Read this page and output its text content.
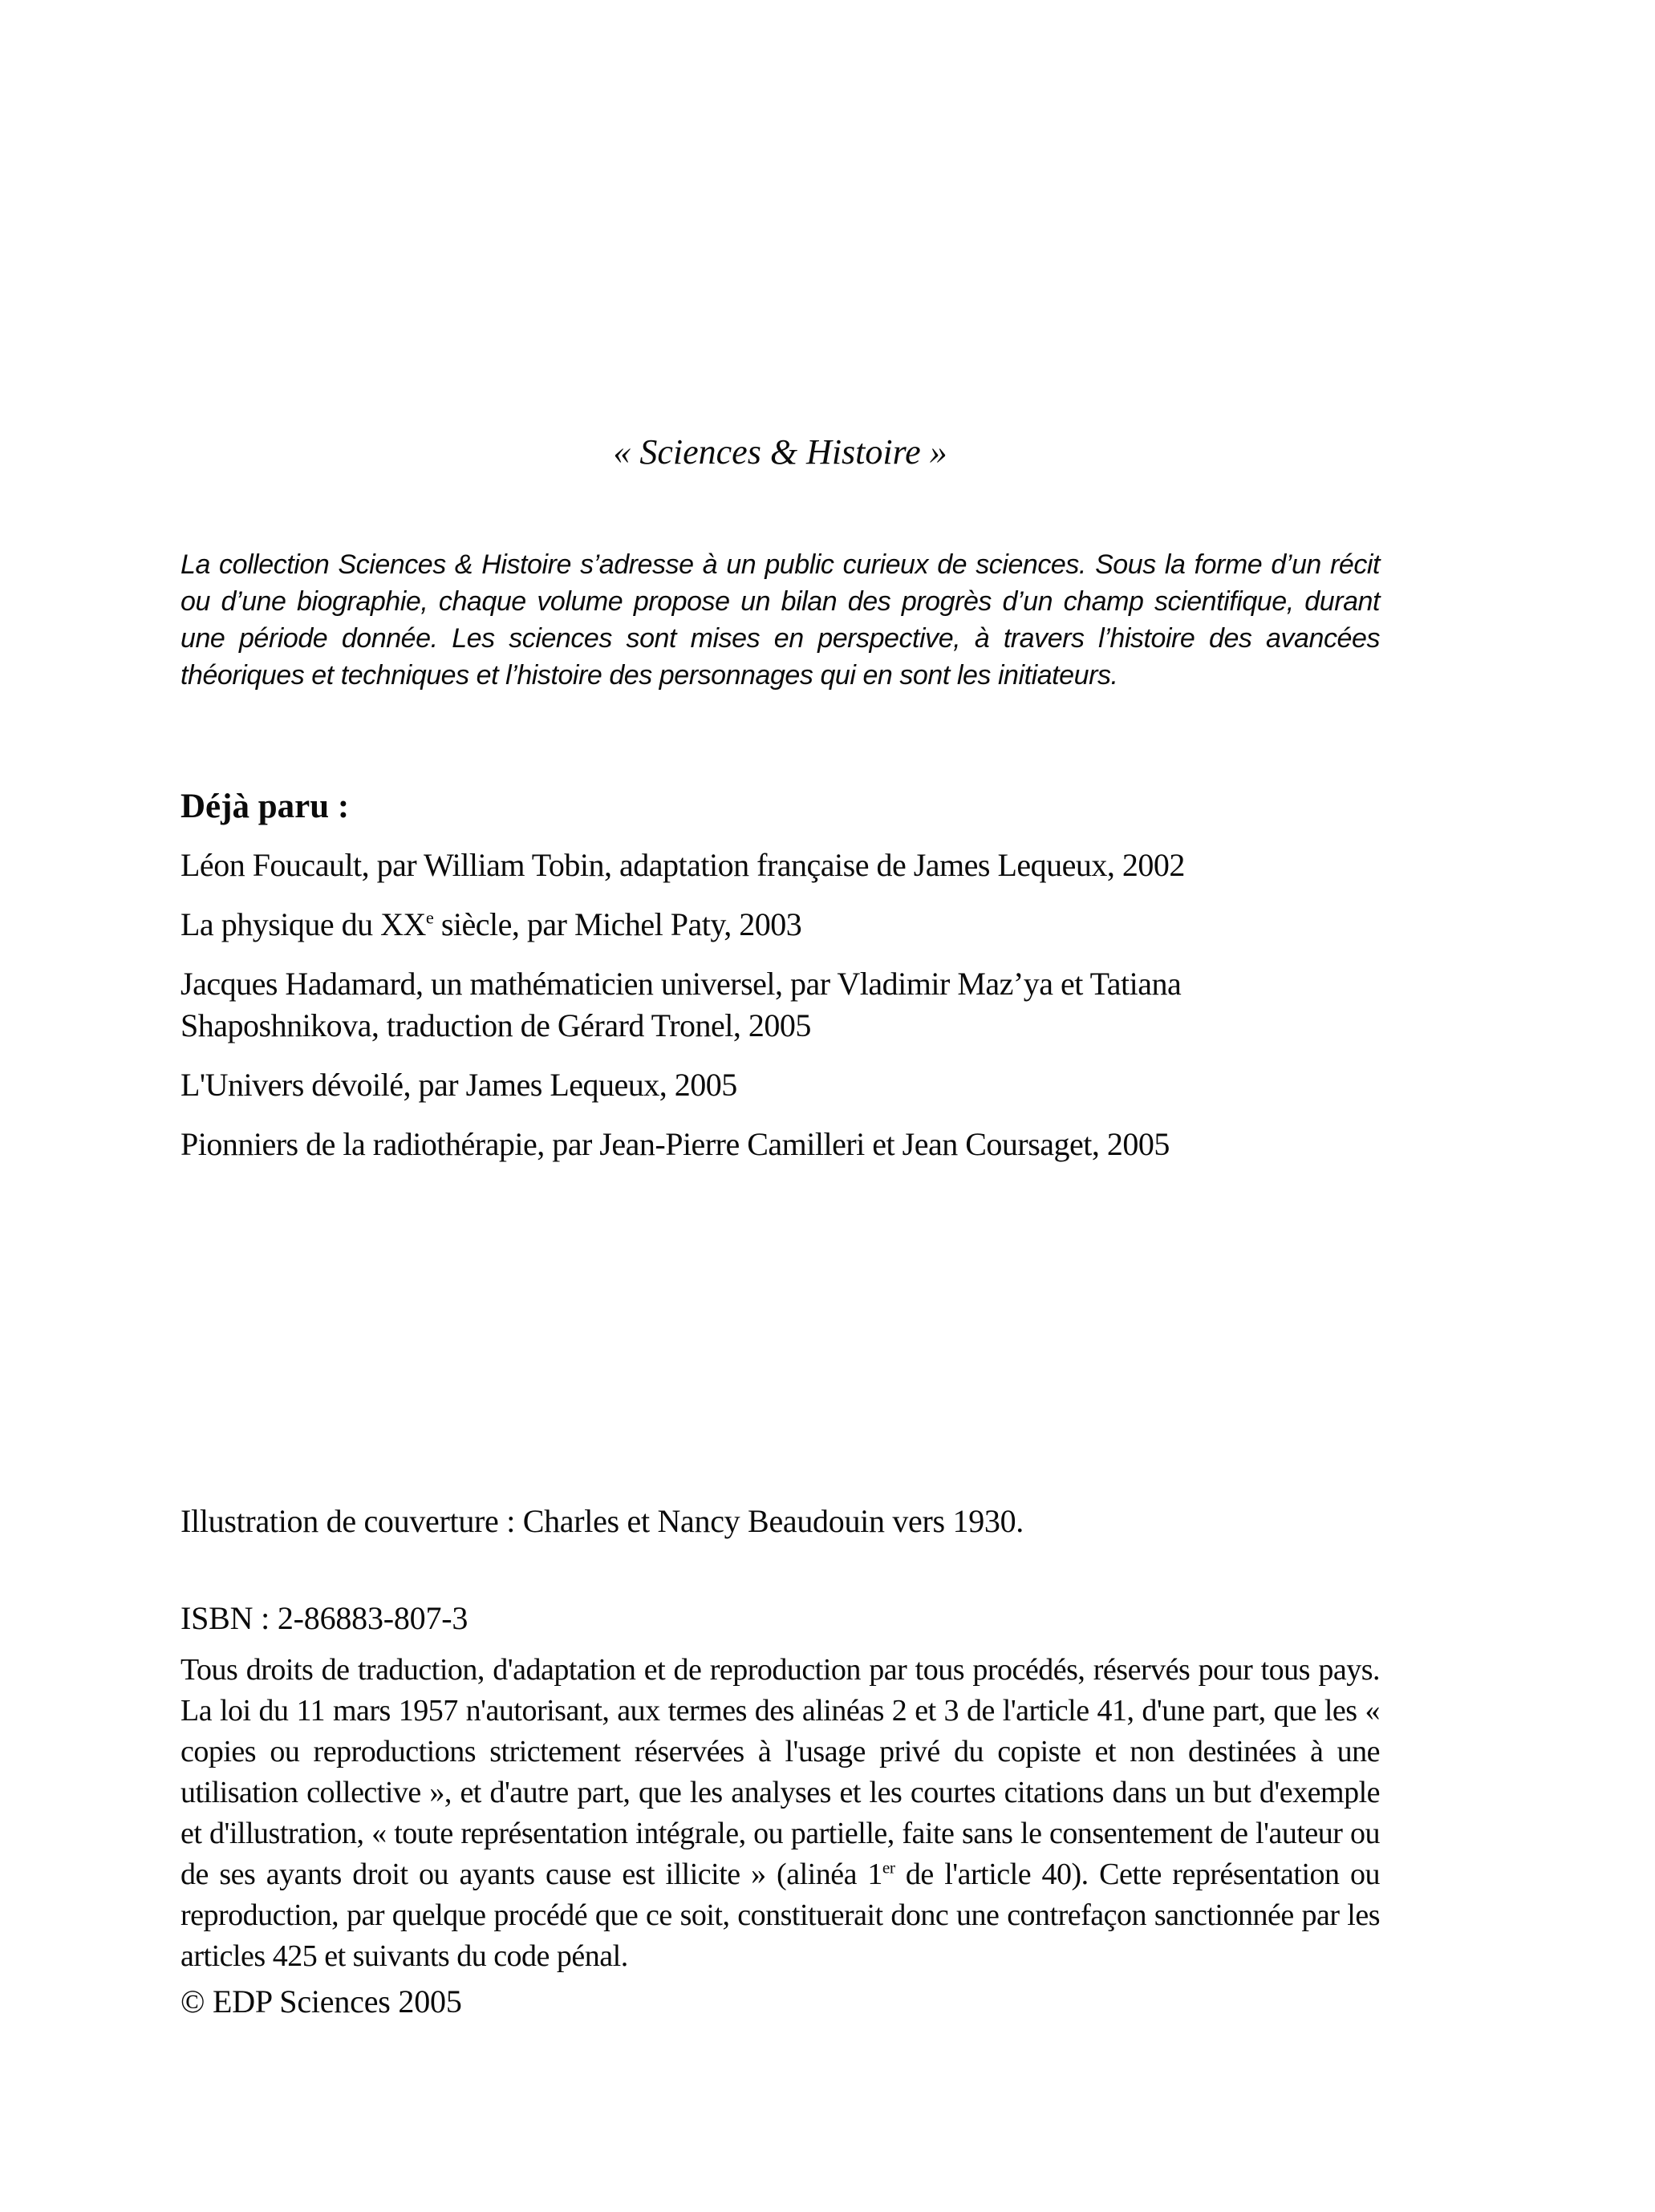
« Sciences & Histoire »
La collection Sciences & Histoire s’adresse à un public curieux de sciences. Sous la forme d’un récit ou d’une biographie, chaque volume propose un bilan des progrès d’un champ scientifique, durant une période donnée. Les sciences sont mises en perspective, à travers l’histoire des avancées théoriques et techniques et l’histoire des personnages qui en sont les initiateurs.
Déjà paru :
Léon Foucault, par William Tobin, adaptation française de James Lequeux, 2002
La physique du XXe siècle, par Michel Paty, 2003
Jacques Hadamard, un mathématicien universel, par Vladimir Maz’ya et Tatiana Shaposhnikova, traduction de Gérard Tronel, 2005
L'Univers dévoilé, par James Lequeux, 2005
Pionniers de la radiothérapie, par Jean-Pierre Camilleri et Jean Coursaget, 2005
Illustration de couverture : Charles et Nancy Beaudouin vers 1930.
ISBN : 2-86883-807-3
Tous droits de traduction, d'adaptation et de reproduction par tous procédés, réservés pour tous pays. La loi du 11 mars 1957 n'autorisant, aux termes des alinéas 2 et 3 de l'article 41, d'une part, que les « copies ou reproductions strictement réservées à l'usage privé du copiste et non destinées à une utilisation collective », et d'autre part, que les analyses et les courtes citations dans un but d'exemple et d'illustration, « toute représentation intégrale, ou partielle, faite sans le consentement de l'auteur ou de ses ayants droit ou ayants cause est illicite » (alinéa 1er de l'article 40). Cette représentation ou reproduction, par quelque procédé que ce soit, constituerait donc une contrefaçon sanctionnée par les articles 425 et suivants du code pénal.
© EDP Sciences 2005
